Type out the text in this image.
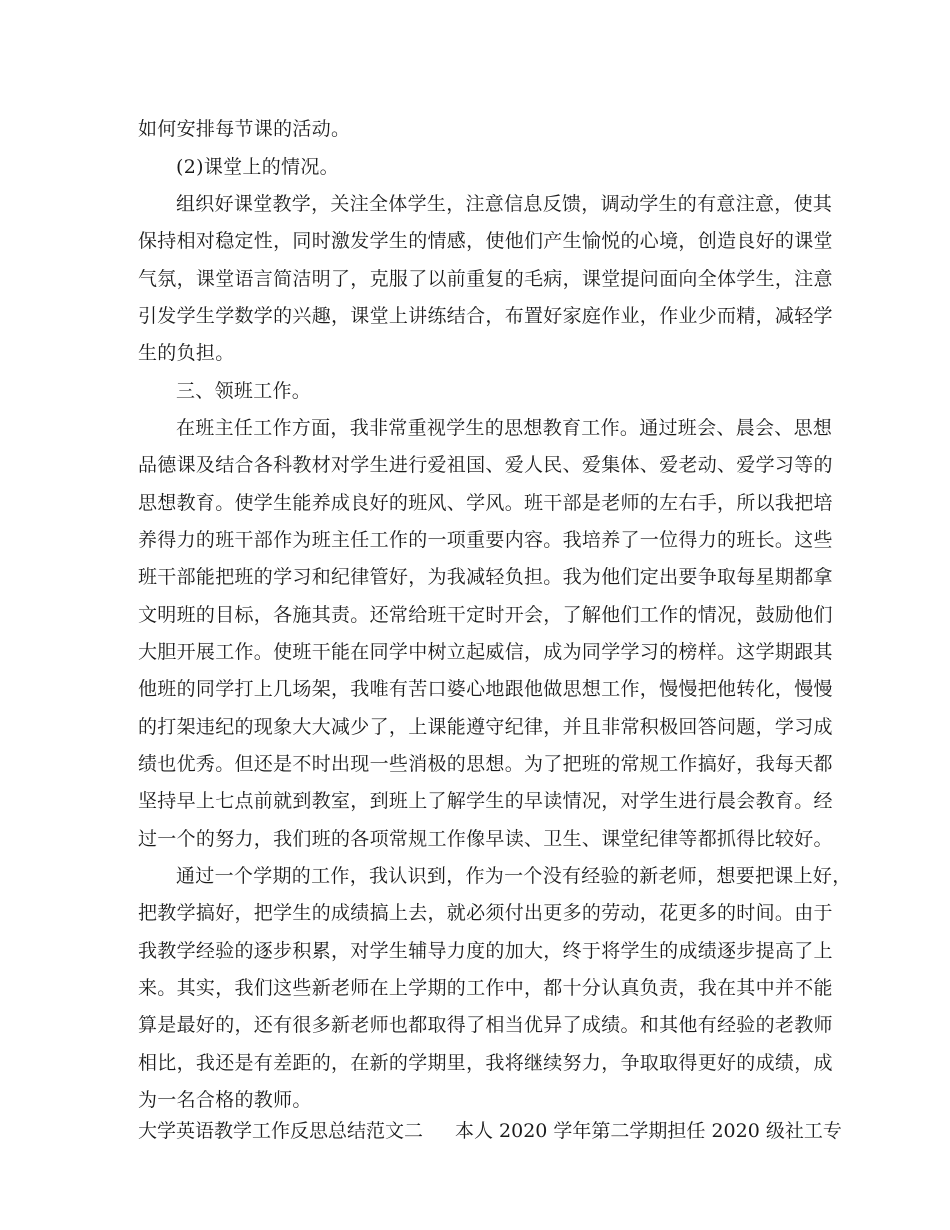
如何安排每节课的活动。
(2)课堂上的情况。
组织好课堂教学，关注全体学生，注意信息反馈，调动学生的有意注意，使其
保持相对稳定性，同时激发学生的情感，使他们产生愉悦的心境，创造良好的课堂
气氛，课堂语言简洁明了，克服了以前重复的毛病，课堂提问面向全体学生，注意
引发学生学数学的兴趣，课堂上讲练结合，布置好家庭作业，作业少而精，减轻学
生的负担。
三、领班工作。
在班主任工作方面，我非常重视学生的思想教育工作。通过班会、晨会、思想
品德课及结合各科教材对学生进行爱祖国、爱人民、爱集体、爱老动、爱学习等的
思想教育。使学生能养成良好的班风、学风。班干部是老师的左右手，所以我把培
养得力的班干部作为班主任工作的一项重要内容。我培养了一位得力的班长。这些
班干部能把班的学习和纪律管好，为我减轻负担。我为他们定出要争取每星期都拿
文明班的目标，各施其责。还常给班干定时开会，了解他们工作的情况，鼓励他们
大胆开展工作。使班干能在同学中树立起威信，成为同学学习的榜样。这学期跟其
他班的同学打上几场架，我唯有苦口婆心地跟他做思想工作，慢慢把他转化，慢慢
的打架违纪的现象大大减少了，上课能遵守纪律，并且非常积极回答问题，学习成
绩也优秀。但还是不时出现一些消极的思想。为了把班的常规工作搞好，我每天都
坚持早上七点前就到教室，到班上了解学生的早读情况，对学生进行晨会教育。经
过一个的努力，我们班的各项常规工作像早读、卫生、课堂纪律等都抓得比较好。
通过一个学期的工作，我认识到，作为一个没有经验的新老师，想要把课上好，
把教学搞好，把学生的成绩搞上去，就必须付出更多的劳动，花更多的时间。由于
我教学经验的逐步积累，对学生辅导力度的加大，终于将学生的成绩逐步提高了上
来。其实，我们这些新老师在上学期的工作中，都十分认真负责，我在其中并不能
算是最好的，还有很多新老师也都取得了相当优异了成绩。和其他有经验的老教师
相比，我还是有差距的，在新的学期里，我将继续努力，争取取得更好的成绩，成
为一名合格的教师。
大学英语教学工作反思总结范文二 本人 2020 学年第二学期担任 2020 级社工专
